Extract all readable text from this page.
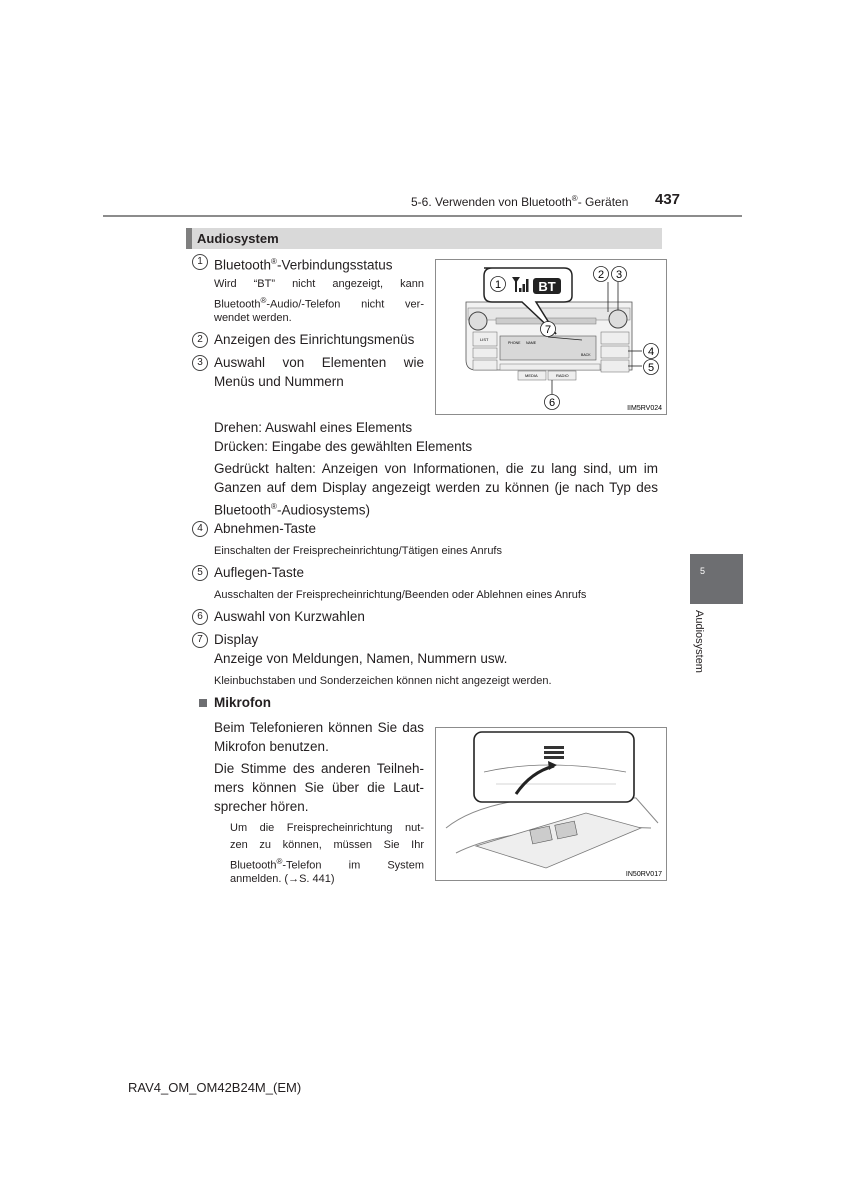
5-6. Verwenden von Bluetooth®- Geräten 437
Audiosystem
1 Bluetooth®-Verbindungsstatus
Wird “BT” nicht angezeigt, kann
Bluetooth®-Audio/-Telefon nicht ver-
wendet werden.
2 Anzeigen des Einrichtungsmenüs
3 Auswahl von Elementen wie
Menüs und Nummern
LIST
PHONE NAME
BACK
MEDIA	RADIO
BT
1
2 3
4
5
6
7
IIM5RV024
Drehen: Auswahl eines Elements
Drücken: Eingabe des gewählten Elements
Gedrückt halten: Anzeigen von Informationen, die zu lang sind, um im
Ganzen auf dem Display angezeigt werden zu können (je nach Typ des
Bluetooth®-Audiosystems)
4 Abnehmen-Taste
Einschalten der Freisprecheinrichtung/Tätigen eines Anrufs
5 Auflegen-Taste
Ausschalten der Freisprecheinrichtung/Beenden oder Ablehnen eines Anrufs
6 Auswahl von Kurzwahlen
7 Display
Anzeige von Meldungen, Namen, Nummern usw.
Kleinbuchstaben und Sonderzeichen können nicht angezeigt werden.
Mikrofon
Beim Telefonieren können Sie das
Mikrofon benutzen.
Die Stimme des anderen Teilneh-
mers können Sie über die Laut-
sprecher hören.
Um die Freisprecheinrichtung nut-
zen zu können, müssen Sie Ihr
Bluetooth®-Telefon im System
anmelden. (→S. 441)	IN50RV017
5
Audiosystem
RAV4_OM_OM42B24M_(EM)
